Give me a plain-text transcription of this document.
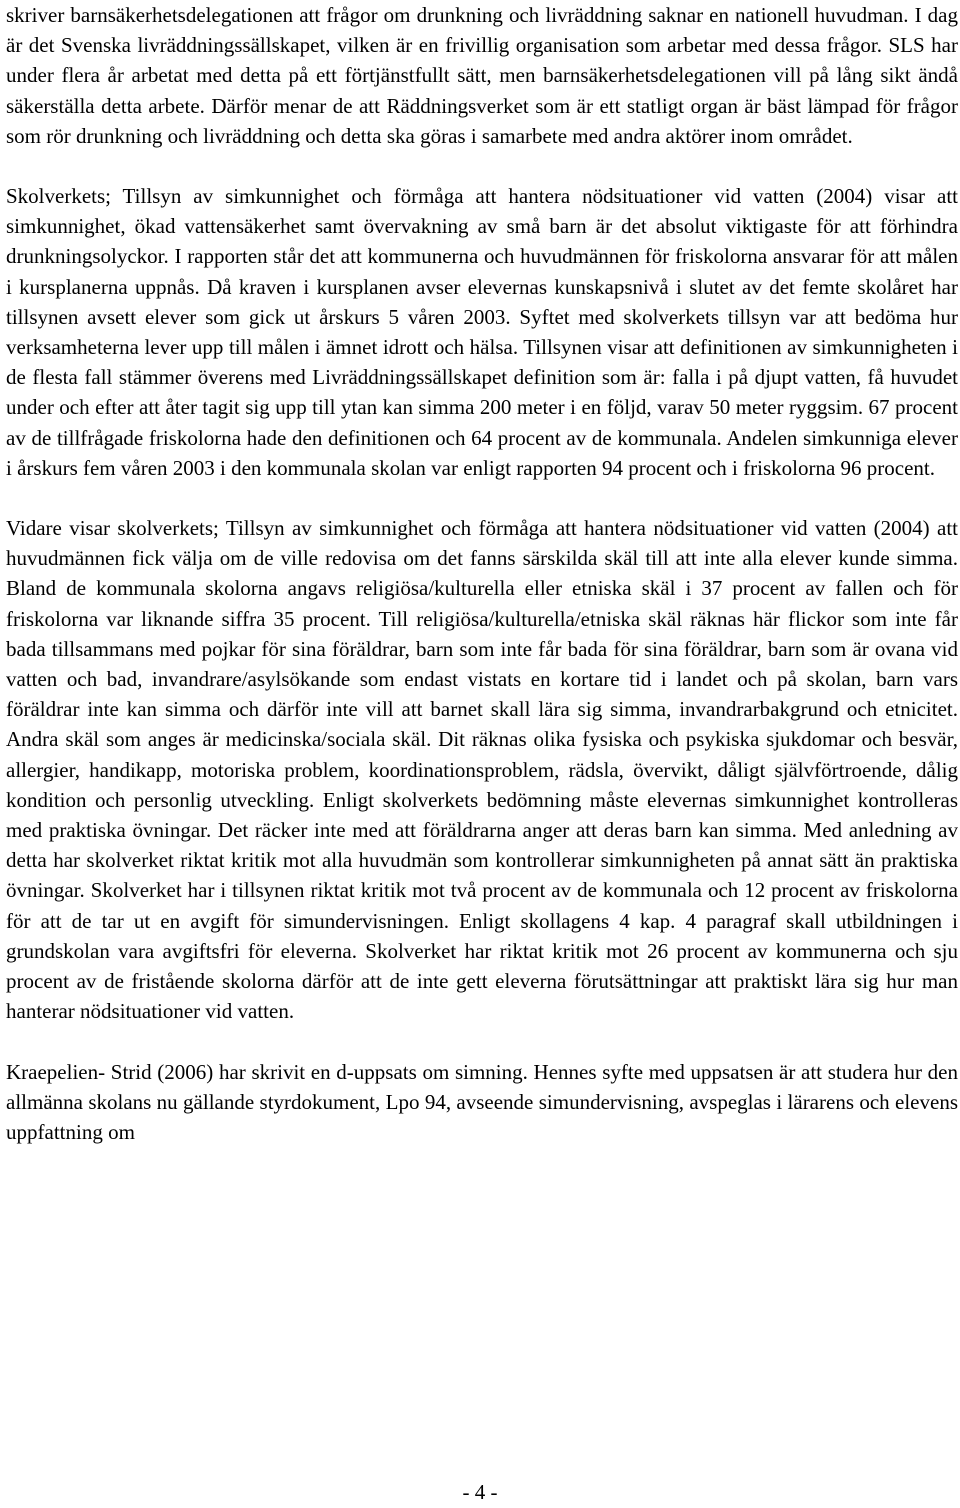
skriver barnsäkerhetsdelegationen att frågor om drunkning och livräddning saknar en nationell huvudman. I dag är det Svenska livräddningssällskapet, vilken är en frivillig organisation som arbetar med dessa frågor. SLS har under flera år arbetat med detta på ett förtjänstfullt sätt, men barnsäkerhetsdelegationen vill på lång sikt ändå säkerställa detta arbete. Därför menar de att Räddningsverket som är ett statligt organ är bäst lämpad för frågor som rör drunkning och livräddning och detta ska göras i samarbete med andra aktörer inom området.

Skolverkets; Tillsyn av simkunnighet och förmåga att hantera nödsituationer vid vatten (2004) visar att simkunnighet, ökad vattensäkerhet samt övervakning av små barn är det absolut viktigaste för att förhindra drunkningsolyckor. I rapporten står det att kommunerna och huvudmännen för friskolorna ansvarar för att målen i kursplanerna uppnås. Då kraven i kursplanen avser elevernas kunskapsnivå i slutet av det femte skolåret har tillsynen avsett elever som gick ut årskurs 5 våren 2003. Syftet med skolverkets tillsyn var att bedöma hur verksamheterna lever upp till målen i ämnet idrott och hälsa. Tillsynen visar att definitionen av simkunnigheten i de flesta fall stämmer överens med Livräddningssällskapet definition som är: falla i på djupt vatten, få huvudet under och efter att åter tagit sig upp till ytan kan simma 200 meter i en följd, varav 50 meter ryggsim. 67 procent av de tillfrågade friskolorna hade den definitionen och 64 procent av de kommunala. Andelen simkunniga elever i årskurs fem våren 2003 i den kommunala skolan var enligt rapporten 94 procent och i friskolorna 96 procent.

Vidare visar skolverkets; Tillsyn av simkunnighet och förmåga att hantera nödsituationer vid vatten (2004) att huvudmännen fick välja om de ville redovisa om det fanns särskilda skäl till att inte alla elever kunde simma. Bland de kommunala skolorna angavs religiösa/kulturella eller etniska skäl i 37 procent av fallen och för friskolorna var liknande siffra 35 procent. Till religiösa/kulturella/etniska skäl räknas här flickor som inte får bada tillsammans med pojkar för sina föräldrar, barn som inte får bada för sina föräldrar, barn som är ovana vid vatten och bad, invandrare/asylsökande som endast vistats en kortare tid i landet och på skolan, barn vars föräldrar inte kan simma och därför inte vill att barnet skall lära sig simma, invandrarbakgrund och etnicitet. Andra skäl som anges är medicinska/sociala skäl. Dit räknas olika fysiska och psykiska sjukdomar och besvär, allergier, handikapp, motoriska problem, koordinationsproblem, rädsla, övervikt, dåligt självförtroende, dålig kondition och personlig utveckling. Enligt skolverkets bedömning måste elevernas simkunnighet kontrolleras med praktiska övningar. Det räcker inte med att föräldrarna anger att deras barn kan simma. Med anledning av detta har skolverket riktat kritik mot alla huvudmän som kontrollerar simkunnigheten på annat sätt än praktiska övningar. Skolverket har i tillsynen riktat kritik mot två procent av de kommunala och 12 procent av friskolorna för att de tar ut en avgift för simundervisningen. Enligt skollagens 4 kap. 4 paragraf skall utbildningen i grundskolan vara avgiftsfri för eleverna. Skolverket har riktat kritik mot 26 procent av kommunerna och sju procent av de fristående skolorna därför att de inte gett eleverna förutsättningar att praktiskt lära sig hur man hanterar nödsituationer vid vatten.

Kraepelien- Strid (2006) har skrivit en d-uppsats om simning. Hennes syfte med uppsatsen är att studera hur den allmänna skolans nu gällande styrdokument, Lpo 94, avseende simundervisning, avspeglas i lärarens och elevens uppfattning om

- 4 -
